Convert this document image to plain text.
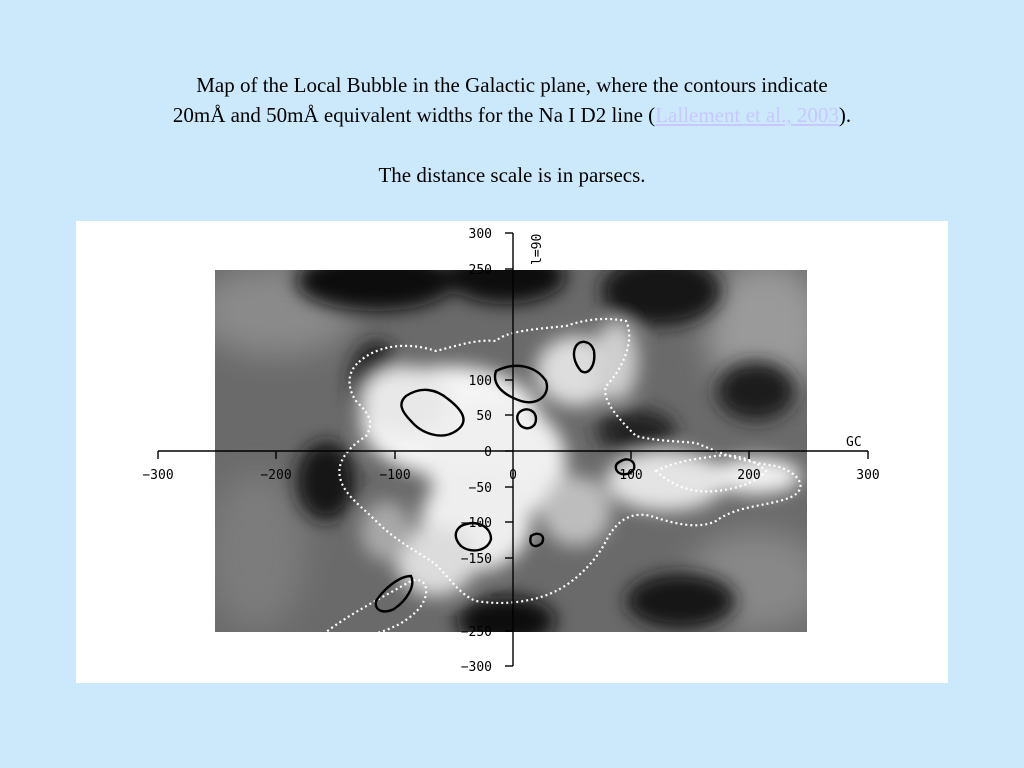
Map of the Local Bubble in the Galactic plane, where the contours indicate

20mÅ and 50mÅ equivalent widths for the Na I D2 line (Lallement et al., 2003).

The distance scale is in parsecs.

−300	−200	−100	0	100	200	300
300
250
100
50
0
−50
−100
−150
−250
−300
GC
l=90
